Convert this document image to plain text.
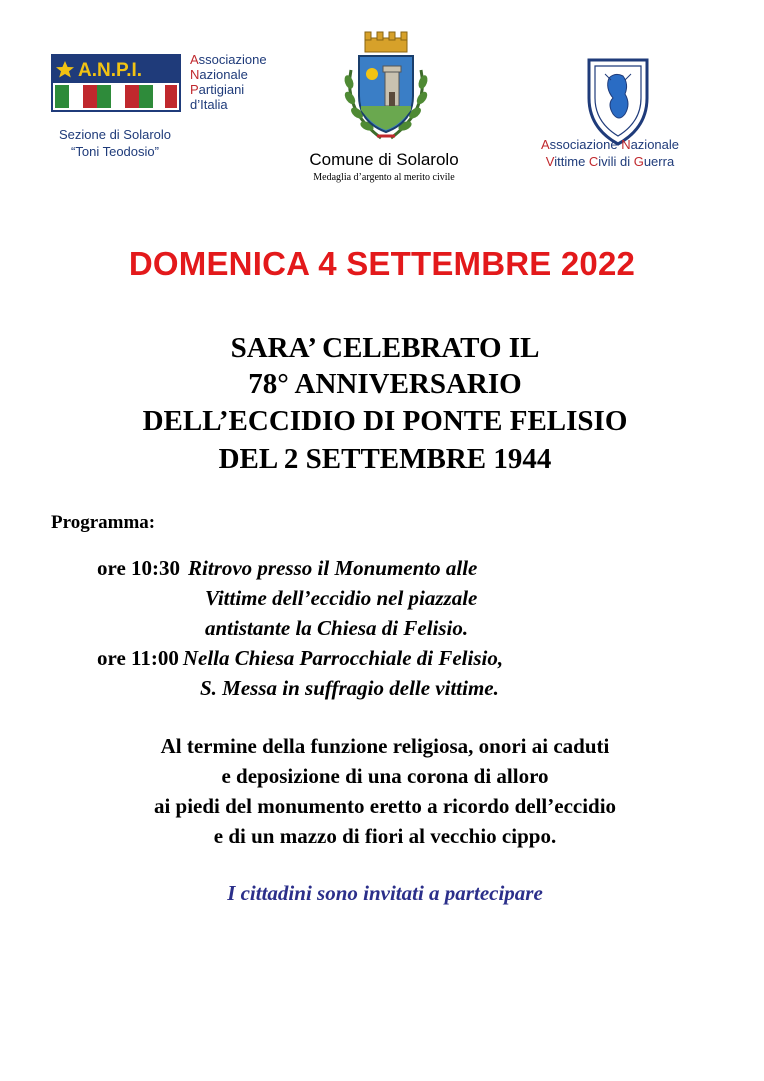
A.N.P.I.
Associazione
Nazionale
Partigiani
d’Italia
Sezione di Solarolo
“Toni Teodosio”	Comune di Solarolo
Medaglia d’argento al merito civile
Associazione Nazionale
Vittime Civili di Guerra
DOMENICA 4 SETTEMBRE 2022
SARA’ CELEBRATO IL
78° ANNIVERSARIO
DELL’ECCIDIO DI PONTE FELISIO
DEL 2 SETTEMBRE 1944
Programma:
ore 10:30 Ritrovo presso il Monumento alle
Vittime dell’eccidio nel piazzale
antistante la Chiesa di Felisio.
ore 11:00 Nella Chiesa Parrocchiale di Felisio,
S. Messa in suffragio delle vittime.
Al termine della funzione religiosa, onori ai caduti
e deposizione di una corona di alloro
ai piedi del monumento eretto a ricordo dell’eccidio
e di un mazzo di fiori al vecchio cippo.
I cittadini sono invitati a partecipare
